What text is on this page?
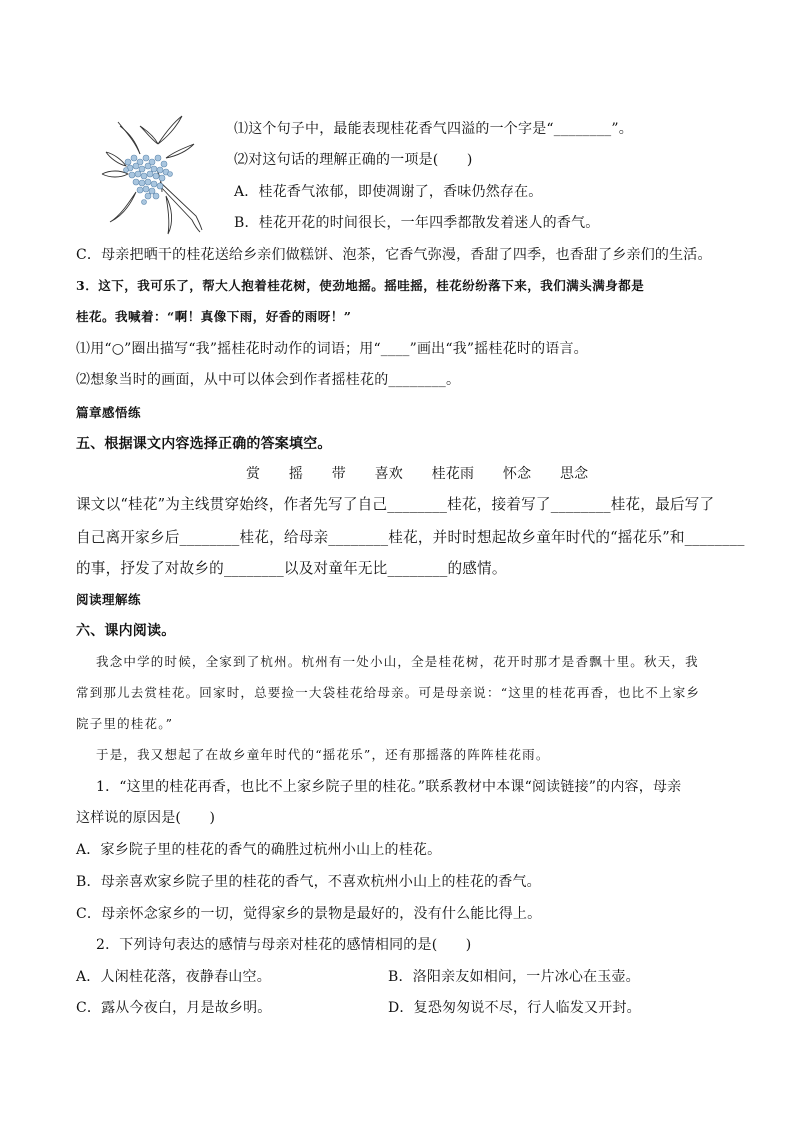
⑴这个句子中，最能表现桂花香气四溢的一个字是“________”。
⑵对这句话的理解正确的一项是(　　)
A．桂花香气浓郁，即使凋谢了，香味仍然存在。
B．桂花开花的时间很长，一年四季都散发着迷人的香气。
C．母亲把晒干的桂花送给乡亲们做糕饼、泡茶，它香气弥漫，香甜了四季，也香甜了乡亲们的生活。
3．这下，我可乐了，帮大人抱着桂花树，使劲地摇。摇哇摇，桂花纷纷落下来，我们满头满身都是
桂花。我喊着：“啊！真像下雨，好香的雨呀！”
⑴用“○”圈出描写“我”摇桂花时动作的词语；用“____”画出“我”摇桂花时的语言。
⑵想象当时的画面，从中可以体会到作者摇桂花的________。
篇章感悟练
五、根据课文内容选择正确的答案填空。
赏 摇 带 喜欢 桂花雨 怀念 思念
课文以“桂花”为主线贯穿始终，作者先写了自己________桂花，接着写了________桂花，最后写了
自己离开家乡后________桂花，给母亲________桂花，并时时想起故乡童年时代的“摇花乐”和________
的事，抒发了对故乡的________以及对童年无比________的感情。
阅读理解练
六、课内阅读。
我念中学的时候，全家到了杭州。杭州有一处小山，全是桂花树，花开时那才是香飘十里。秋天，我
常到那儿去赏桂花。回家时，总要捡一大袋桂花给母亲。可是母亲说：“这里的桂花再香，也比不上家乡
院子里的桂花。”
于是，我又想起了在故乡童年时代的“摇花乐”，还有那摇落的阵阵桂花雨。
1．“这里的桂花再香，也比不上家乡院子里的桂花。”联系教材中本课“阅读链接”的内容，母亲
这样说的原因是(　　)
A．家乡院子里的桂花的香气的确胜过杭州小山上的桂花。
B．母亲喜欢家乡院子里的桂花的香气，不喜欢杭州小山上的桂花的香气。
C．母亲怀念家乡的一切，觉得家乡的景物是最好的，没有什么能比得上。
2．下列诗句表达的感情与母亲对桂花的感情相同的是(　　)
A．人闲桂花落，夜静春山空。	B．洛阳亲友如相问，一片冰心在玉壶。
C．露从今夜白，月是故乡明。	D．复恐匆匆说不尽，行人临发又开封。
